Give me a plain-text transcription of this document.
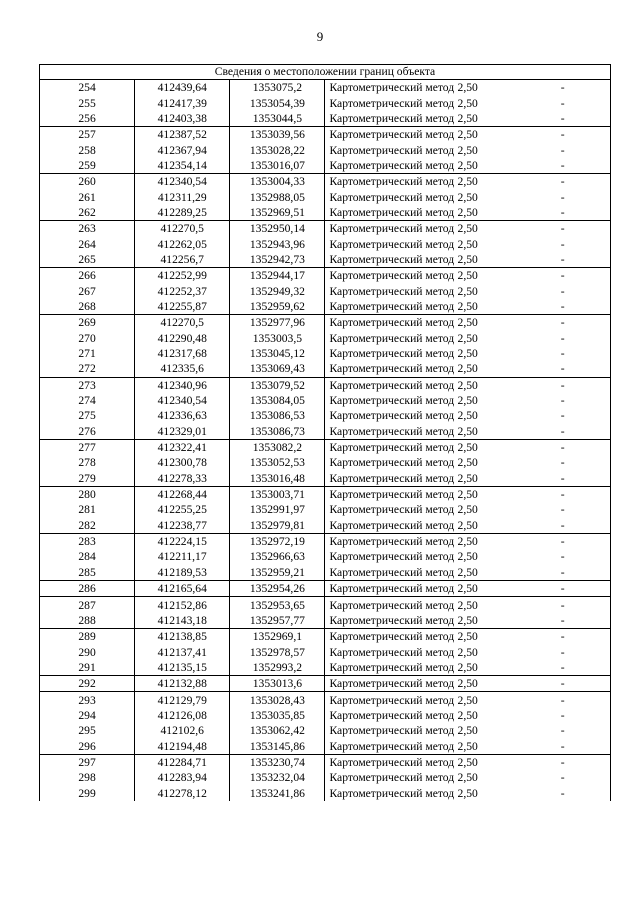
9
Сведения о местоположении границ объекта					
254	412439,64	1353075,2	Картометрический метод	2,50	-
255	412417,39	1353054,39	Картометрический метод	2,50	-
256	412403,38	1353044,5	Картометрический метод	2,50	-
257	412387,52	1353039,56	Картометрический метод	2,50	-
258	412367,94	1353028,22	Картометрический метод	2,50	-
259	412354,14	1353016,07	Картометрический метод	2,50	-
260	412340,54	1353004,33	Картометрический метод	2,50	-
261	412311,29	1352988,05	Картометрический метод	2,50	-
262	412289,25	1352969,51	Картометрический метод	2,50	-
263	412270,5	1352950,14	Картометрический метод	2,50	-
264	412262,05	1352943,96	Картометрический метод	2,50	-
265	412256,7	1352942,73	Картометрический метод	2,50	-
266	412252,99	1352944,17	Картометрический метод	2,50	-
267	412252,37	1352949,32	Картометрический метод	2,50	-
268	412255,87	1352959,62	Картометрический метод	2,50	-
269	412270,5	1352977,96	Картометрический метод	2,50	-
270	412290,48	1353003,5	Картометрический метод	2,50	-
271	412317,68	1353045,12	Картометрический метод	2,50	-
272	412335,6	1353069,43	Картометрический метод	2,50	-
273	412340,96	1353079,52	Картометрический метод	2,50	-
274	412340,54	1353084,05	Картометрический метод	2,50	-
275	412336,63	1353086,53	Картометрический метод	2,50	-
276	412329,01	1353086,73	Картометрический метод	2,50	-
277	412322,41	1353082,2	Картометрический метод	2,50	-
278	412300,78	1353052,53	Картометрический метод	2,50	-
279	412278,33	1353016,48	Картометрический метод	2,50	-
280	412268,44	1353003,71	Картометрический метод	2,50	-
281	412255,25	1352991,97	Картометрический метод	2,50	-
282	412238,77	1352979,81	Картометрический метод	2,50	-
283	412224,15	1352972,19	Картометрический метод	2,50	-
284	412211,17	1352966,63	Картометрический метод	2,50	-
285	412189,53	1352959,21	Картометрический метод	2,50	-
286	412165,64	1352954,26	Картометрический метод	2,50	-
287	412152,86	1352953,65	Картометрический метод	2,50	-
288	412143,18	1352957,77	Картометрический метод	2,50	-
289	412138,85	1352969,1	Картометрический метод	2,50	-
290	412137,41	1352978,57	Картометрический метод	2,50	-
291	412135,15	1352993,2	Картометрический метод	2,50	-
292	412132,88	1353013,6	Картометрический метод	2,50	-
293	412129,79	1353028,43	Картометрический метод	2,50	-
294	412126,08	1353035,85	Картометрический метод	2,50	-
295	412102,6	1353062,42	Картометрический метод	2,50	-
296	412194,48	1353145,86	Картометрический метод	2,50	-
297	412284,71	1353230,74	Картометрический метод	2,50	-
298	412283,94	1353232,04	Картометрический метод	2,50	-
299	412278,12	1353241,86	Картометрический метод	2,50	-
